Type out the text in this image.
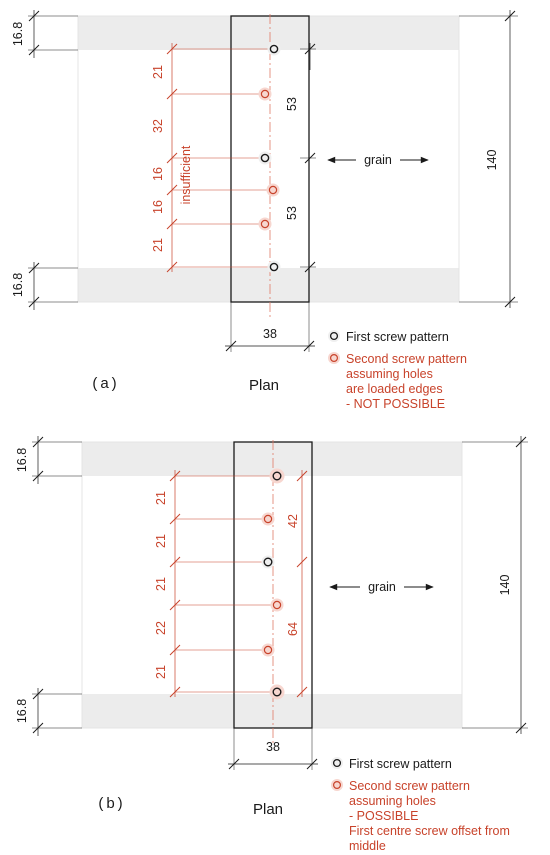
16.8
16.8
140
21
32
16
16
21
insufficient
53
53
grain
38
(a)	Plan
First screw pattern
Second screw pattern
assuming holes
are loaded edges
- NOT POSSIBLE
16.8
16.8
140
21
21
21
22
21
42
64
grain
38
(b)	Plan
First screw pattern
Second screw pattern
assuming holes
- POSSIBLE
First centre screw offset from
middle
